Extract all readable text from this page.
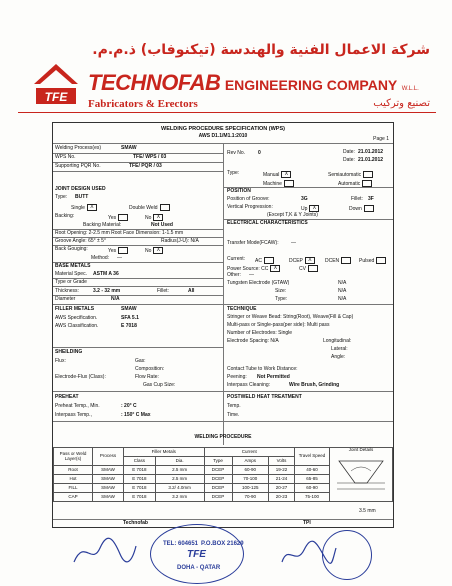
TFE
شركة الاعمال الفنية والهندسة (تيكنوفاب) ذ.م.م.
TECHNOFAB ENGINEERING COMPANY W.L.L.
Fabricators & Erectors	تصنيع وتركيب
WELDING PROCEDURE SPECIFICATION (WPS)
AWS D1.1/M1.1:2010	Page 1
Welding Process(es)	SMAW
WPS No.	TFE/ WPS / 03
Supporting PQR No.	TFE/ PQR / 03
Rev No.	0	Date: 21.01.2012
Date: 21.01.2012
Type:	Manual X	Semiautomatic
Machine	Automatic
JOINT DESIGN USED
Type: BUTT
Single X	Double Weld
Backing:	Yes	No X
Backing Material:	Not Used
Root Opening: 2-2.5 mm Root Face Dimension: 1-1.5 mm
Groove Angle: 65° ± 5°	Radius(J-U): N/A
Back Gouging:	Yes	No X
Method: —
POSITION
Position of Groove:	3G	Fillet: 3F
Vertical Progression:	Up X	Down
(Except T,K & Y Joints)
ELECTRICAL CHARACTERISTICS
Transfer Mode(FCAW): —
Current: AC	DCEP X	DCEN	Pulsed
Power Source: CC X	CV
Other: —
Tungsten Electrode (GTAW)	N/A
Size:	N/A
Type:	N/A
BASE METALS
Material Spec. ASTM A 36
Type or Grade
Thickness:	3.2 - 32 mm	Fillet:	All
Diameter	N/A
FILLER METALS	SMAW
AWS Specification.	SFA 5.1
AWS Classification.	E 7018
TECHNIQUE
Stringer or Weave Bead: String(Root), Weave(Fill & Cap)
Multi-pass or Single-pass(per side): Multi pass
Number of Electrodes: Single
Electrode Spacing: N/A	Longitudinal:
Lateral:
Angle:
SHEILDING
Flux:	Gas:
Composition:
Flow Rate:
Electrode-Flux (Class):
Gas Cup Size:
Contact Tube to Work Distance:
Peening: Not Permitted
Interpass Cleaning:	Wire Brush, Grinding
PREHEAT
Preheat Temp., Min.	: 20° C
Interpass Temp.,	: 150° C Max
POSTWELD HEAT TREATMENT
Temp.
Time.
WELDING PROCEDURE
Pass or Weld Layer(s)	Process	Filler Metals		Current			Travel Speed	Joint Details

		Class	Dia.	Type	Amps	Volts		
Root	SMAW	E 7018	2.5 mm	DCEP	60-90	19-22	40-60	
Hot	SMAW	E 7018	2.5 mm	DCEP	70-100	21-24	65-85	
FILL	SMAW	E 7018	3.2/ 4.0mm	DCEP	100-125	20-27	60-90	
CAP	SMAW	E 7018	3.2 mm	DCEP	70-90	20-23	75-100	
3.5 mm
Technofab	TPI
TEL: 604651 P.O.BOX 21629
TFE
DOHA - QATAR
